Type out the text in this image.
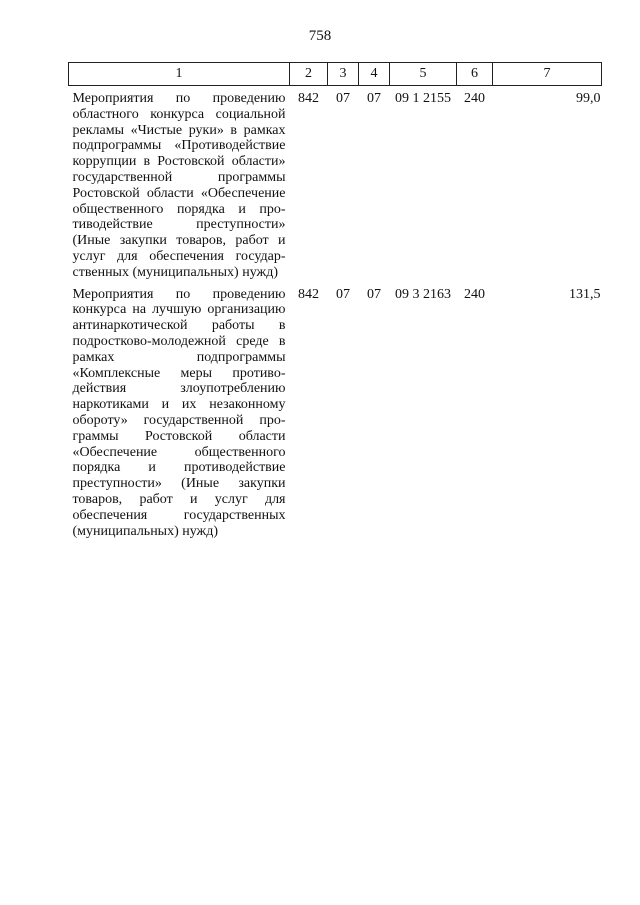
758
1	2	3	4	5	6	7
Мероприятия по проведению областного конкурса социальной рекламы «Чистые руки» в рамках подпрограммы «Противодействие коррупции в Ростовской области» государственной программы Ростовской области «Обеспечение общественного порядка и противодействие преступности» (Иные закупки товаров, работ и услуг для обеспечения государственных (муниципальных) нужд)	842	07	07	09 1 2155	240	99,0
Мероприятия по проведению конкурса на лучшую организацию антинаркотической работы в подростково-молодежной среде в рамках подпрограммы «Комплексные меры противодействия злоупотреблению наркотиками и их незаконному обороту» государственной программы Ростовской области «Обеспечение общественного порядка и противодействие преступности» (Иные закупки товаров, работ и услуг для обеспечения государственных (муниципальных) нужд)	842	07	07	09 3 2163	240	131,5
